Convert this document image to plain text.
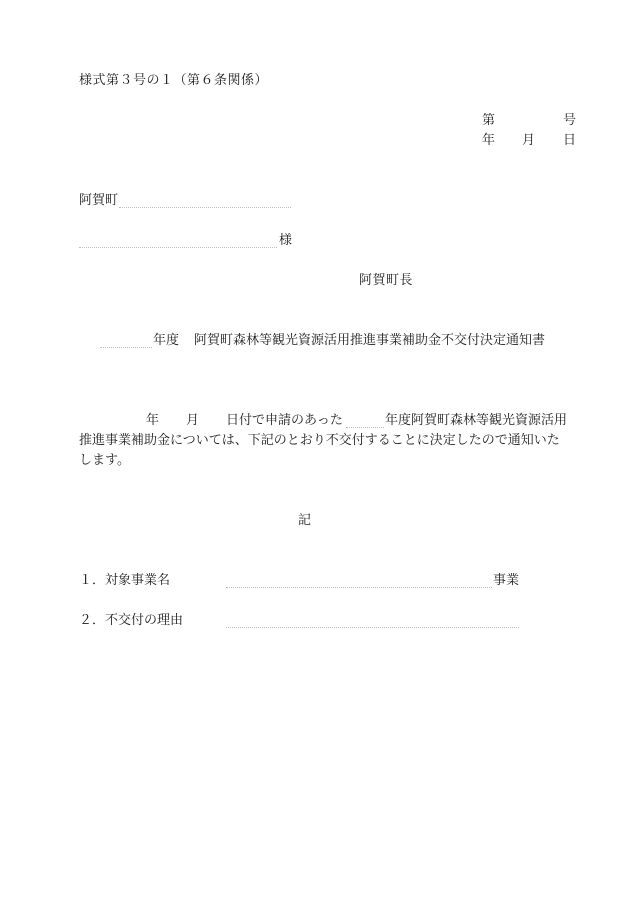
様式第３号の１（第６条関係）
第	号
年 月 日
阿賀町
様
阿賀町長
年度 阿賀町森林等観光資源活用推進事業補助金不交付決定通知書
年 月 日付で申請のあった	年度阿賀町森林等観光資源活用
推進事業補助金については、下記のとおり不交付することに決定したので通知いた
します。
記
１．対象事業名	事業
２．不交付の理由
